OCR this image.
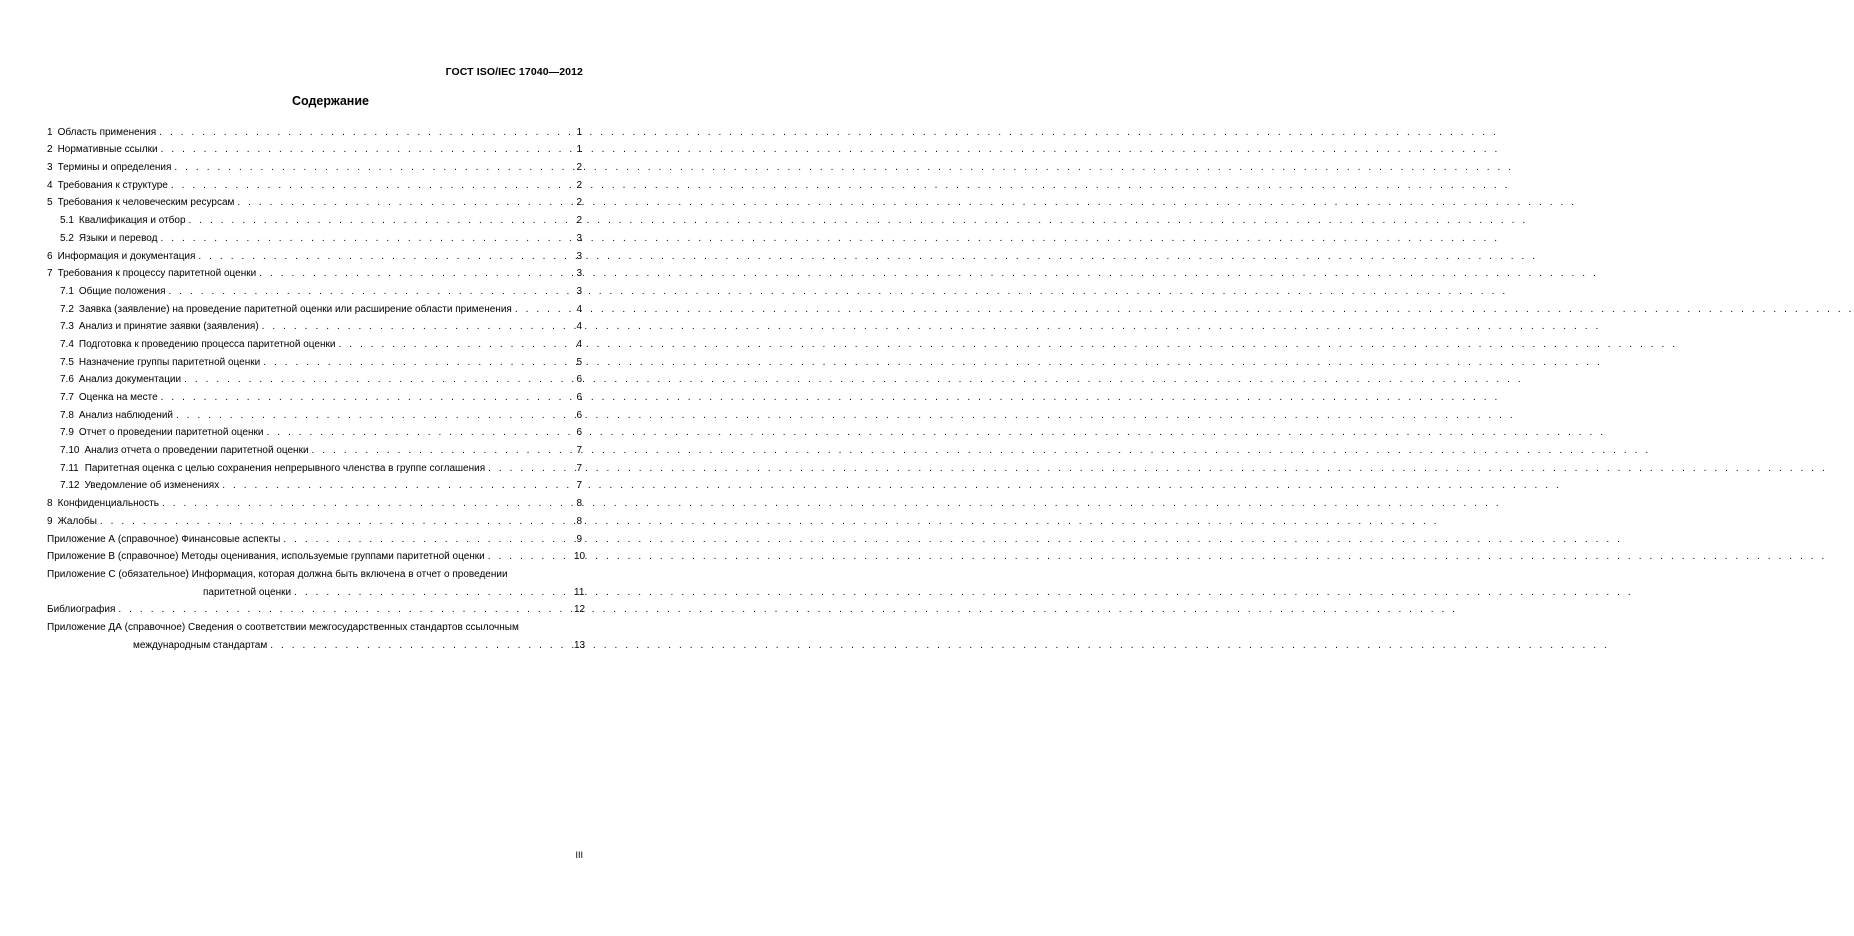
ГОСТ ISO/IEC 17040—2012
Содержание
1 Область применения . . .	1
2 Нормативные ссылки . . .	1
3 Термины и определения . . .	2
4 Требования к структуре . . .	2
5 Требования к человеческим ресурсам . . .	2
5.1 Квалификация и отбор . . .	2
5.2 Языки и перевод . . .	3
6 Информация и документация . . .	3
7 Требования к процессу паритетной оценки . . .	3
7.1 Общие положения . . .	3
7.2 Заявка (заявление) на проведение паритетной оценки или расширение области применения . . .	4
7.3 Анализ и принятие заявки (заявления) . . .	4
7.4 Подготовка к проведению процесса паритетной оценки . . .	4
7.5 Назначение группы паритетной оценки . . .	5
7.6 Анализ документации . . .	6
7.7 Оценка на месте . . .	6
7.8 Анализ наблюдений . . .	6
7.9 Отчет о проведении паритетной оценки . . .	6
7.10 Анализ отчета о проведении паритетной оценки . . .	7
7.11 Паритетная оценка с целью сохранения непрерывного членства в группе соглашения . . .	7
7.12 Уведомление об изменениях . . .	7
8 Конфиденциальность . . .	8
9 Жалобы . . .	8
Приложение А (справочное) Финансовые аспекты . . .	9
Приложение В (справочное) Методы оценивания, используемые группами паритетной оценки . . .	10
Приложение С (обязательное) Информация, которая должна быть включена в отчет о проведении
паритетной оценки . . .	11
Библиография . . .	12
Приложение ДА (справочное) Сведения о соответствии межгосударственных стандартов ссылочным
международным стандартам . . .	13
III
